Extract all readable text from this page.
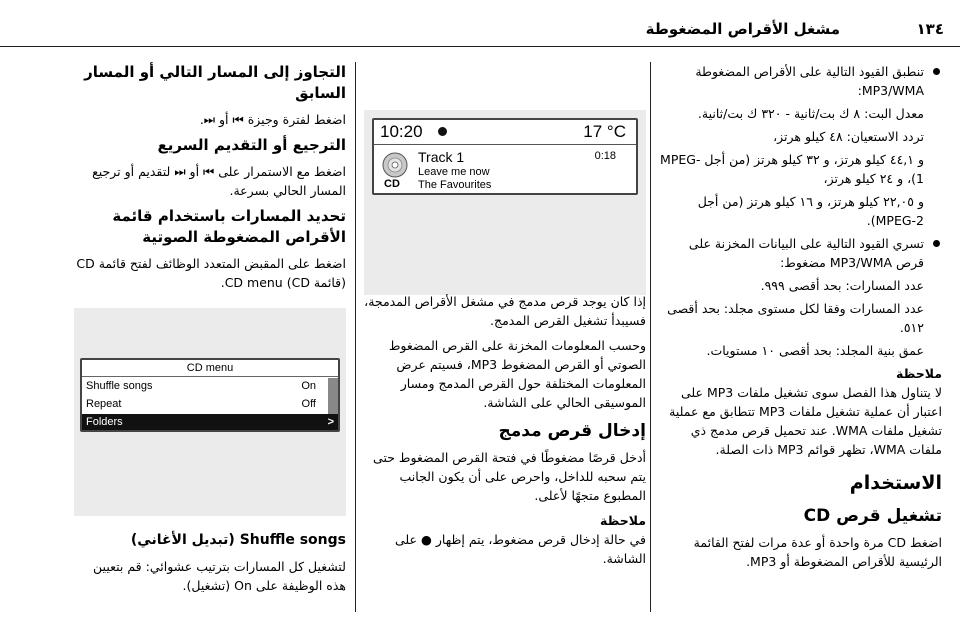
١٣٤
مشغل الأقراص المضغوطة
تنطبق القيود التالية على الأقراص المضغوطة MP3/WMA:
معدل البت: ٨ ك بت/ثانية - ٣٢٠ ك بت/ثانية.
تردد الاستعيان: ٤٨ كيلو هرتز،
و ٤٤,١ كيلو هرتز، و ٣٢ كيلو هرتز (من أجل MPEG-1)، و ٢٤ كيلو هرتز،
و ٢٢,٠٥ كيلو هرتز، و ١٦ كيلو هرتز (من أجل MPEG-2).
تسري القيود التالية على البيانات المخزنة على قرص MP3/WMA مضغوط:
عدد المسارات: بحد أقصى ٩٩٩.
عدد المسارات وفقا لكل مستوى مجلد: بحد أقصى ٥١٢.
عمق بنية المجلد: بحد أقصى ١٠ مستويات.
ملاحظة
لا يتناول هذا الفصل سوى تشغيل ملفات MP3 على اعتبار أن عملية تشغيل ملفات MP3 تتطابق مع عملية تشغيل ملفات WMA. عند تحميل قرص مدمج ذي ملفات WMA، تظهر قوائم MP3 ذات الصلة.
الاستخدام
تشغيل قرص CD
اضغط CD مرة واحدة أو عدة مرات لفتح القائمة الرئيسية للأقراص المضغوطة أو MP3.
10:20	17 °C
CD
Track 1	0:18
Leave me now
The Favourites
إذا كان يوجد قرص مدمج في مشغل الأقراص المدمجة، فسيبدأ تشغيل القرص المدمج.
وحسب المعلومات المخزنة على القرص المضغوط الصوتي أو القرص المضغوط MP3، فسيتم عرض المعلومات المختلفة حول القرص المدمج ومسار الموسيقى الحالي على الشاشة.
إدخال قرص مدمج
أدخل قرصًا مضغوطًا في فتحة القرص المضغوط حتى يتم سحبه للداخل، واحرص على أن يكون الجانب المطبوع متجهًا لأعلى.
ملاحظة
في حالة إدخال قرص مضغوط، يتم إظهار ● على الشاشة.
التجاوز إلى المسار التالي أو المسار السابق
اضغط لفترة وجيزة ⏮ أو ⏭.
الترجيع أو التقديم السريع
اضغط مع الاستمرار على ⏮ أو ⏭ لتقديم أو ترجيع المسار الحالي بسرعة.
تحديد المسارات باستخدام قائمة الأقراص المضغوطة الصوتية
اضغط على المقبض المتعدد الوظائف لفتح قائمة CD (قائمة CD) CD menu.
CD menu
Shuffle songs	On
Repeat	Off
Folders	>
Shuffle songs (تبديل الأغاني)
لتشغيل كل المسارات بترتيب عشوائي: قم بتعيين هذه الوظيفة على On (تشغيل).
